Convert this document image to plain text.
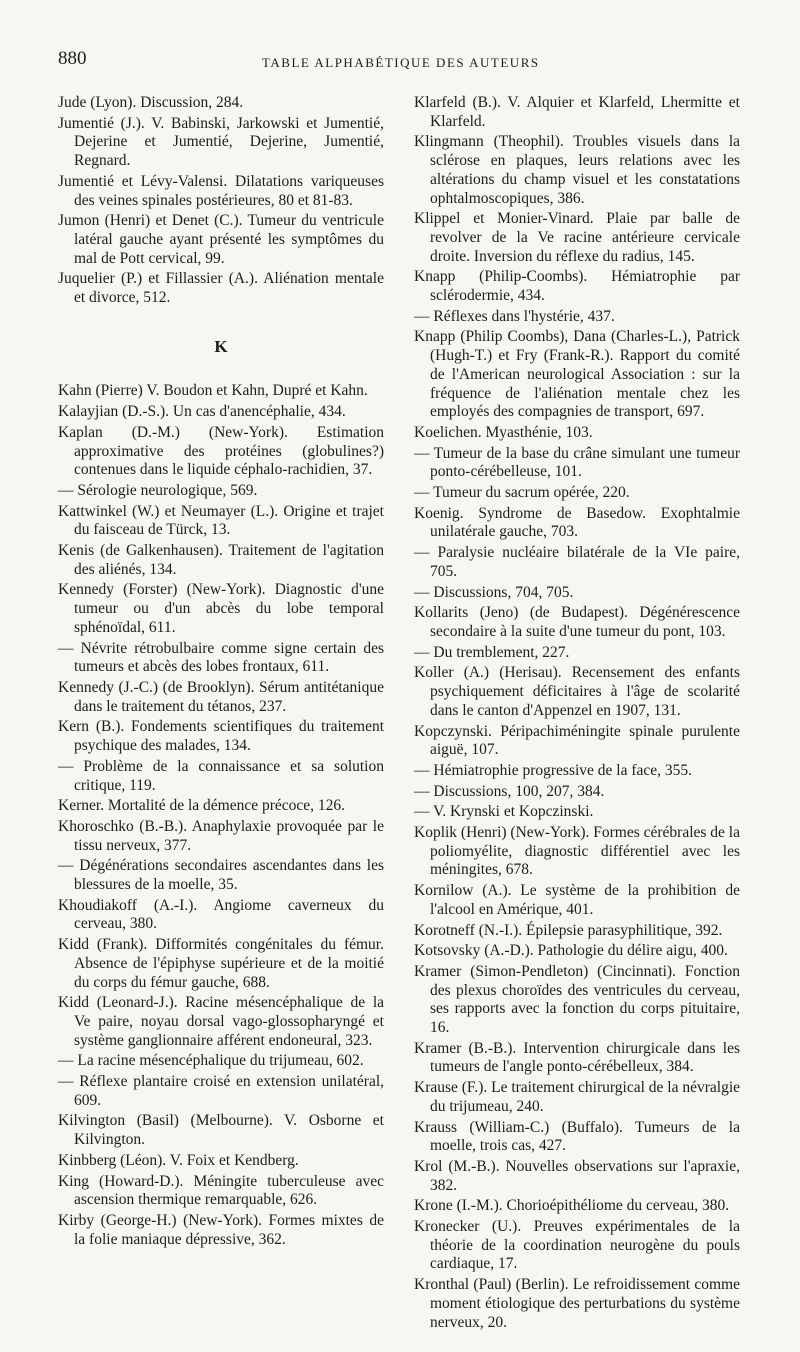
880	TABLE ALPHABÉTIQUE DES AUTEURS

Jude (Lyon). Discussion, 284.

Jumentié (J.). V. Babinski, Jarkowski et Jumentié, Dejerine et Jumentié, Dejerine, Jumentié, Regnard.

Jumentié et Lévy-Valensi. Dilatations variqueuses des veines spinales postérieures, 80 et 81-83.

Jumon (Henri) et Denet (C.). Tumeur du ventricule latéral gauche ayant présenté les symptômes du mal de Pott cervical, 99.

Juquelier (P.) et Fillassier (A.). Aliénation mentale et divorce, 512.

K

Kahn (Pierre) V. Boudon et Kahn, Dupré et Kahn.

Kalayjian (D.-S.). Un cas d'anencéphalie, 434.

Kaplan (D.-M.) (New-York). Estimation approximative des protéines (globulines?) contenues dans le liquide céphalo-rachidien, 37.

— Sérologie neurologique, 569.

Kattwinkel (W.) et Neumayer (L.). Origine et trajet du faisceau de Türck, 13.

Kenis (de Galkenhausen). Traitement de l'agitation des aliénés, 134.

Kennedy (Forster) (New-York). Diagnostic d'une tumeur ou d'un abcès du lobe temporal sphénoïdal, 611.

— Névrite rétrobulbaire comme signe certain des tumeurs et abcès des lobes frontaux, 611.

Kennedy (J.-C.) (de Brooklyn). Sérum antitétanique dans le traitement du tétanos, 237.

Kern (B.). Fondements scientifiques du traitement psychique des malades, 134.

— Problème de la connaissance et sa solution critique, 119.

Kerner. Mortalité de la démence précoce, 126.

Khoroschko (B.-B.). Anaphylaxie provoquée par le tissu nerveux, 377.

— Dégénérations secondaires ascendantes dans les blessures de la moelle, 35.

Khoudiakoff (A.-I.). Angiome caverneux du cerveau, 380.

Kidd (Frank). Difformités congénitales du fémur. Absence de l'épiphyse supérieure et de la moitié du corps du fémur gauche, 688.

Kidd (Leonard-J.). Racine mésencéphalique de la Ve paire, noyau dorsal vago-glossopharyngé et système ganglionnaire afférent endoneural, 323.

— La racine mésencéphalique du trijumeau, 602.

— Réflexe plantaire croisé en extension unilatéral, 609.

Kilvington (Basil) (Melbourne). V. Osborne et Kilvington.

Kinbberg (Léon). V. Foix et Kendberg.

King (Howard-D.). Méningite tuberculeuse avec ascension thermique remarquable, 626.

Kirby (George-H.) (New-York). Formes mixtes de la folie maniaque dépressive, 362.

Klarfeld (B.). V. Alquier et Klarfeld, Lhermitte et Klarfeld.

Klingmann (Theophil). Troubles visuels dans la sclérose en plaques, leurs relations avec les altérations du champ visuel et les constatations ophtalmoscopiques, 386.

Klippel et Monier-Vinard. Plaie par balle de revolver de la Ve racine antérieure cervicale droite. Inversion du réflexe du radius, 145.

Knapp (Philip-Coombs). Hémiatrophie par sclérodermie, 434.

— Réflexes dans l'hystérie, 437.

Knapp (Philip Coombs), Dana (Charles-L.), Patrick (Hugh-T.) et Fry (Frank-R.). Rapport du comité de l'American neurological Association : sur la fréquence de l'aliénation mentale chez les employés des compagnies de transport, 697.

Koelichen. Myasthénie, 103.

— Tumeur de la base du crâne simulant une tumeur ponto-cérébelleuse, 101.

— Tumeur du sacrum opérée, 220.

Koenig. Syndrome de Basedow. Exophtalmie unilatérale gauche, 703.

— Paralysie nucléaire bilatérale de la VIe paire, 705.

— Discussions, 704, 705.

Kollarits (Jeno) (de Budapest). Dégénérescence secondaire à la suite d'une tumeur du pont, 103.

— Du tremblement, 227.

Koller (A.) (Herisau). Recensement des enfants psychiquement déficitaires à l'âge de scolarité dans le canton d'Appenzel en 1907, 131.

Kopczynski. Péripachiméningite spinale purulente aiguë, 107.

— Hémiatrophie progressive de la face, 355.

— Discussions, 100, 207, 384.

— V. Krynski et Kopczinski.

Koplik (Henri) (New-York). Formes cérébrales de la poliomyélite, diagnostic différentiel avec les méningites, 678.

Kornilow (A.). Le système de la prohibition de l'alcool en Amérique, 401.

Korotneff (N.-I.). Épilepsie parasyphilitique, 392.

Kotsovsky (A.-D.). Pathologie du délire aigu, 400.

Kramer (Simon-Pendleton) (Cincinnati). Fonction des plexus choroïdes des ventricules du cerveau, ses rapports avec la fonction du corps pituitaire, 16.

Kramer (B.-B.). Intervention chirurgicale dans les tumeurs de l'angle ponto-cérébelleux, 384.

Krause (F.). Le traitement chirurgical de la névralgie du trijumeau, 240.

Krauss (William-C.) (Buffalo). Tumeurs de la moelle, trois cas, 427.

Krol (M.-B.). Nouvelles observations sur l'apraxie, 382.

Krone (I.-M.). Chorioépithéliome du cerveau, 380.

Kronecker (U.). Preuves expérimentales de la théorie de la coordination neurogène du pouls cardiaque, 17.

Kronthal (Paul) (Berlin). Le refroidissement comme moment étiologique des perturbations du système nerveux, 20.
